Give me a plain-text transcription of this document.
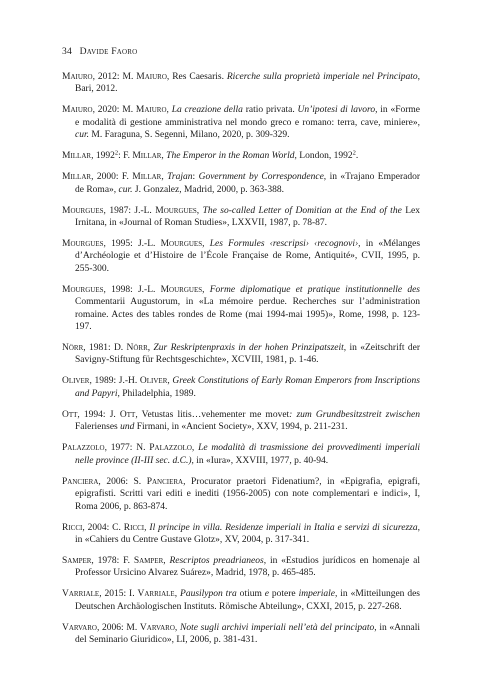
34 Davide Faoro

Maiuro, 2012: M. Maiuro, Res Caesaris. Ricerche sulla proprietà imperiale nel Principato, Bari, 2012.

Maiuro, 2020: M. Maiuro, La creazione della ratio privata. Un’ipotesi di lavoro, in «Forme e modalità di gestione amministrativa nel mondo greco e romano: terra, cave, miniere», cur. M. Faraguna, S. Segenni, Milano, 2020, p. 309-329.

Millar, 1992$^2$: F. Millar, The Emperor in the Roman World, London, 1992$^2$.

Millar, 2000: F. Millar, Trajan: Government by Correspondence, in «Trajano Emperador de Roma», cur. J. Gonzalez, Madrid, 2000, p. 363-388.

Mourgues, 1987: J.-L. Mourgues, The so-called Letter of Domitian at the End of the Lex Irnitana, in «Journal of Roman Studies», LXXVII, 1987, p. 78-87.

Mourgues, 1995: J.-L. Mourgues, Les Formules ‹rescripsi› ‹recognovi›, in «Mélanges d’Archéologie et d’Histoire de l’École Française de Rome, Antiquité», CVII, 1995, p. 255-300.

Mourgues, 1998: J.-L. Mourgues, Forme diplomatique et pratique institutionnelle des Commentarii Augustorum, in «La mémoire perdue. Recherches sur l’administration romaine. Actes des tables rondes de Rome (mai 1994-mai 1995)», Rome, 1998, p. 123-197.

Nörr, 1981: D. Nörr, Zur Reskriptenpraxis in der hohen Prinzipatszeit, in «Zeitschrift der Savigny-Stiftung für Rechtsgeschichte», XCVIII, 1981, p. 1-46.

Oliver, 1989: J.-H. Oliver, Greek Constitutions of Early Roman Emperors from Inscriptions and Papyri, Philadelphia, 1989.

Ott, 1994: J. Ott, Vetustas litis…vehementer me movet: zum Grundbesitzstreit zwischen Falerienses und Firmani, in «Ancient Society», XXV, 1994, p. 211-231.

Palazzolo, 1977: N. Palazzolo, Le modalità di trasmissione dei provvedimenti imperiali nelle province (II-III sec. d.C.), in «Iura», XXVIII, 1977, p. 40-94.

Panciera, 2006: S. Panciera, Procurator praetori Fidenatium?, in «Epigrafia, epigrafi, epigrafisti. Scritti vari editi e inediti (1956-2005) con note complementari e indici», I, Roma 2006, p. 863-874.

Ricci, 2004: C. Ricci, Il principe in villa. Residenze imperiali in Italia e servizi di sicurezza, in «Cahiers du Centre Gustave Glotz», XV, 2004, p. 317-341.

Samper, 1978: F. Samper, Rescriptos preadrianeos, in «Estudios jurídicos en homenaje al Professor Ursicino Alvarez Suárez», Madrid, 1978, p. 465-485.

Varriale, 2015: I. Varriale, Pausilypon tra otium e potere imperiale, in «Mitteilungen des Deutschen Archäologischen Instituts. Römische Abteilung», CXXI, 2015, p. 227-268.

Varvaro, 2006: M. Varvaro, Note sugli archivi imperiali nell’età del principato, in «Annali del Seminario Giuridico», LI, 2006, p. 381-431.
